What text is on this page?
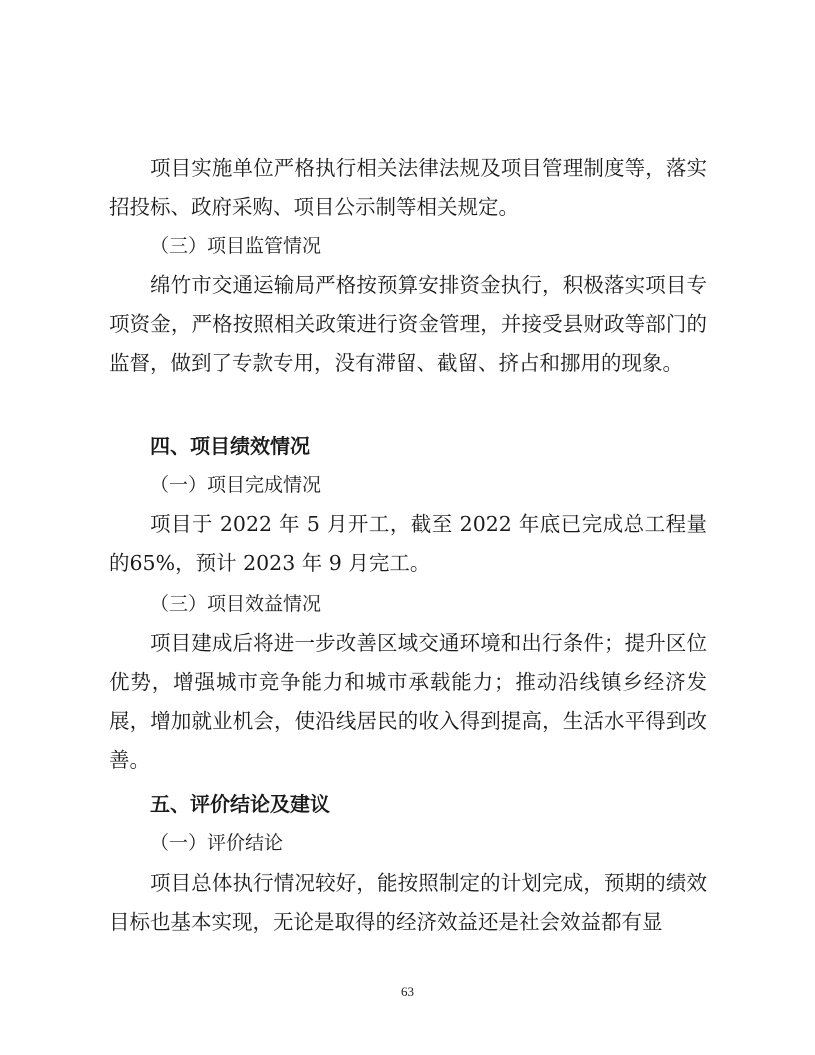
项目实施单位严格执行相关法律法规及项目管理制度等，落实招投标、政府采购、项目公示制等相关规定。

（三）项目监管情况

绵竹市交通运输局严格按预算安排资金执行，积极落实项目专项资金，严格按照相关政策进行资金管理，并接受县财政等部门的监督，做到了专款专用，没有滞留、截留、挤占和挪用的现象。

四、项目绩效情况

（一）项目完成情况

项目于 2022 年 5 月开工，截至 2022 年底已完成总工程量的65%，预计 2023 年 9 月完工。

（三）项目效益情况

项目建成后将进一步改善区域交通环境和出行条件；提升区位优势，增强城市竞争能力和城市承载能力；推动沿线镇乡经济发展，增加就业机会，使沿线居民的收入得到提高，生活水平得到改善。

五、评价结论及建议

（一）评价结论

项目总体执行情况较好，能按照制定的计划完成，预期的绩效目标也基本实现，无论是取得的经济效益还是社会效益都有显

63
